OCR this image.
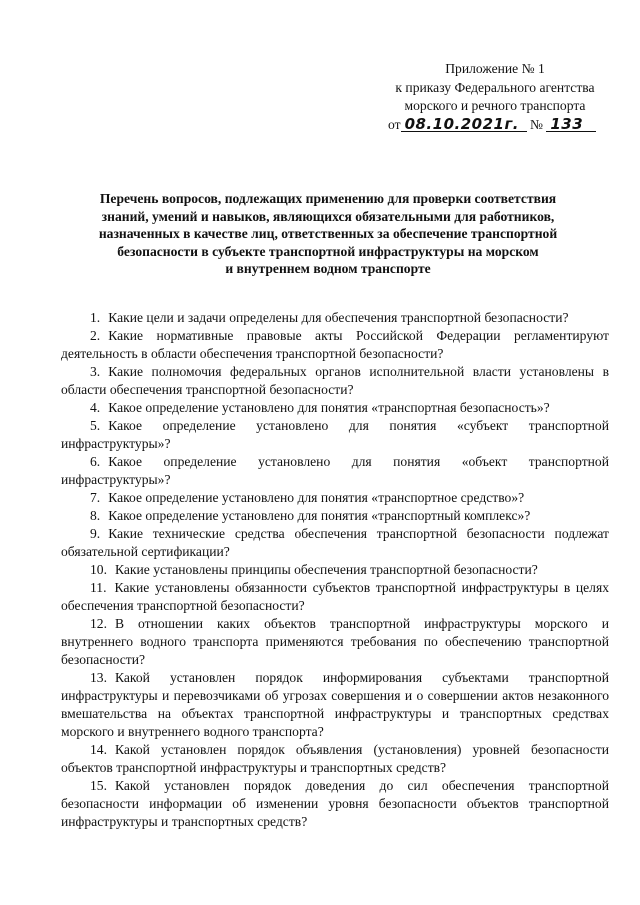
Приложение № 1
к приказу Федерального агентства
морского и речного транспорта
от 08.10.2021г. № 133
Перечень вопросов, подлежащих применению для проверки соответствия
знаний, умений и навыков, являющихся обязательными для работников,
назначенных в качестве лиц, ответственных за обеспечение транспортной
безопасности в субъекте транспортной инфраструктуры на морском
и внутреннем водном транспорте

1. Какие цели и задачи определены для обеспечения транспортной безопасности?

2. Какие нормативные правовые акты Российской Федерации регламентируют деятельность в области обеспечения транспортной безопасности?

3. Какие полномочия федеральных органов исполнительной власти установлены в области обеспечения транспортной безопасности?

4. Какое определение установлено для понятия «транспортная безопасность»?

5. Какое определение установлено для понятия «субъект транспортной инфраструктуры»?

6. Какое определение установлено для понятия «объект транспортной инфраструктуры»?

7. Какое определение установлено для понятия «транспортное средство»?

8. Какое определение установлено для понятия «транспортный комплекс»?

9. Какие технические средства обеспечения транспортной безопасности подлежат обязательной сертификации?

10. Какие установлены принципы обеспечения транспортной безопасности?

11. Какие установлены обязанности субъектов транспортной инфраструктуры в целях обеспечения транспортной безопасности?

12. В отношении каких объектов транспортной инфраструктуры морского и внутреннего водного транспорта применяются требования по обеспечению транспортной безопасности?

13. Какой установлен порядок информирования субъектами транспортной инфраструктуры и перевозчиками об угрозах совершения и о совершении актов незаконного вмешательства на объектах транспортной инфраструктуры и транспортных средствах морского и внутреннего водного транспорта?

14. Какой установлен порядок объявления (установления) уровней безопасности объектов транспортной инфраструктуры и транспортных средств?

15. Какой установлен порядок доведения до сил обеспечения транспортной безопасности информации об изменении уровня безопасности объектов транспортной инфраструктуры и транспортных средств?
